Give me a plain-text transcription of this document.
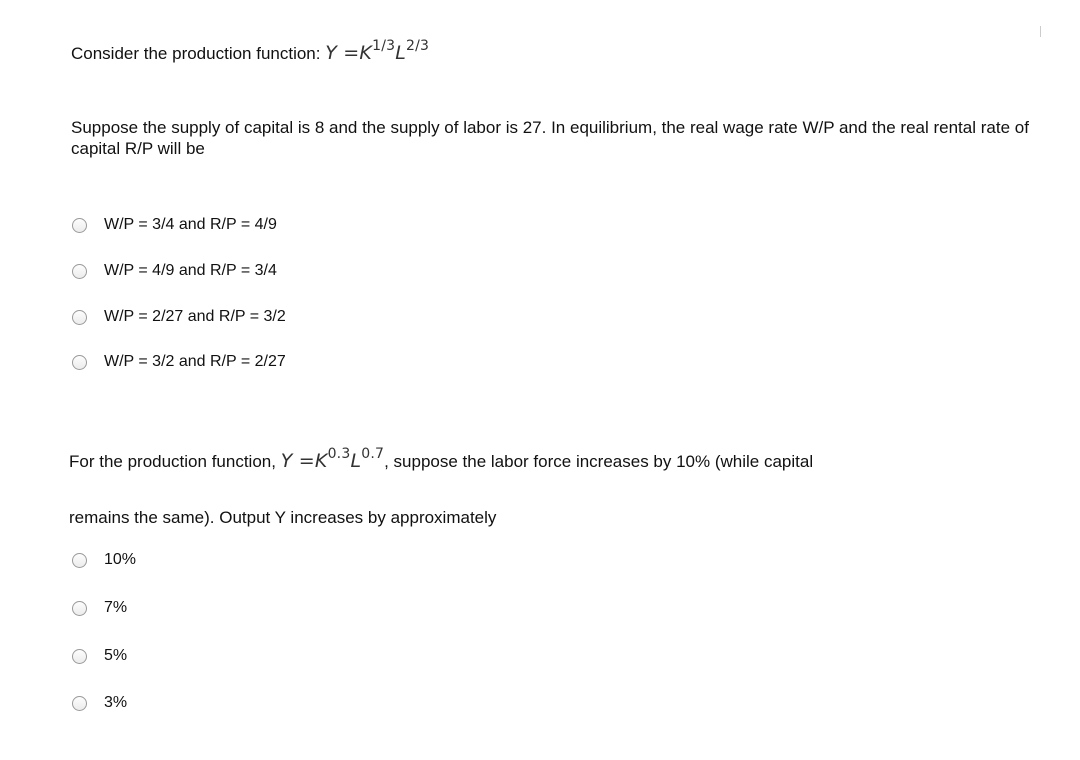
Consider the production function: $Y =K^{1/3}L^{2/3}$
Suppose the supply of capital is 8 and the supply of labor is 27. In equilibrium, the real wage rate W/P and the real rental rate of capital R/P will be
W/P = 3/4 and R/P = 4/9
W/P = 4/9 and R/P = 3/4
W/P = 2/27 and R/P = 3/2
W/P = 3/2 and R/P = 2/27
For the production function, $Y =K^{0.3}L^{0.7}$, suppose the labor force increases by 10% (while capital
remains the same). Output Y increases by approximately
10%
7%
5%
3%
